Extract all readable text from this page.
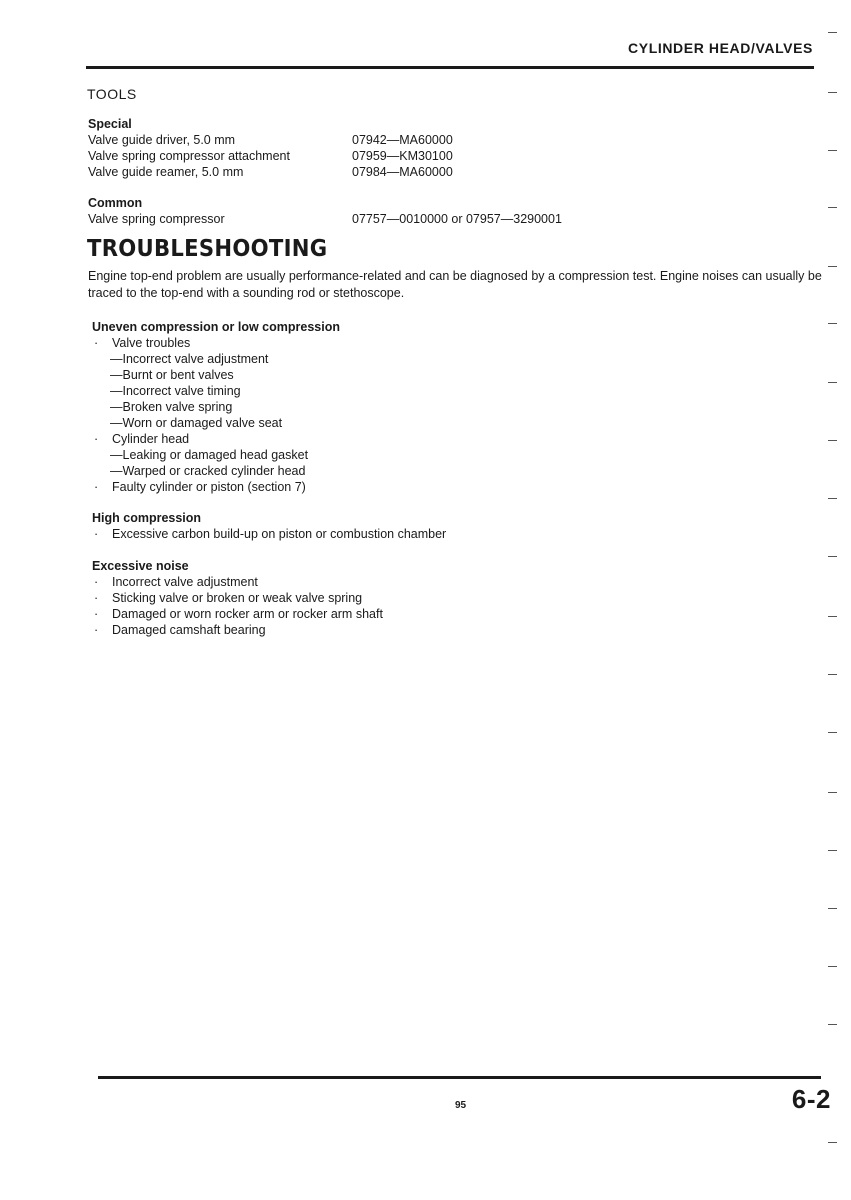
CYLINDER HEAD/VALVES
TOOLS
Special
Valve guide driver, 5.0 mm	07942—MA60000
Valve spring compressor attachment	07959—KM30100
Valve guide reamer, 5.0 mm	07984—MA60000
Common
Valve spring compressor	07757—0010000 or 07957—3290001
TROUBLESHOOTING
Engine top-end problem are usually performance-related and can be diagnosed by a compression test. Engine noises can usually be traced to the top-end with a sounding rod or stethoscope.
Uneven compression or low compression
· Valve troubles
—Incorrect valve adjustment
—Burnt or bent valves
—Incorrect valve timing
—Broken valve spring
—Worn or damaged valve seat
· Cylinder head
—Leaking or damaged head gasket
—Warped or cracked cylinder head
· Faulty cylinder or piston (section 7)
High compression
· Excessive carbon build-up on piston or combustion chamber
Excessive noise
· Incorrect valve adjustment
· Sticking valve or broken or weak valve spring
· Damaged or worn rocker arm or rocker arm shaft
· Damaged camshaft bearing
95	6-2
